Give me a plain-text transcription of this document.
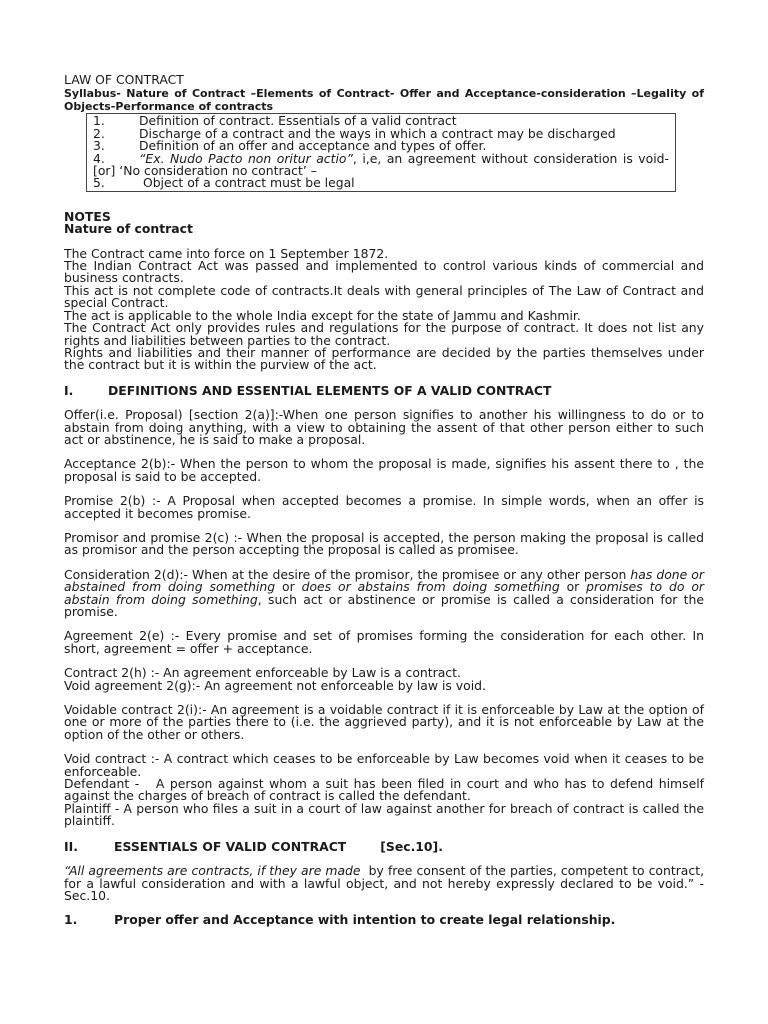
LAW OF CONTRACT
Syllabus- Nature of Contract –Elements of Contract- Offer and Acceptance-consideration –Legality of Objects-Performance of contracts
1.	Definition of contract. Essentials of a valid contract
2.	Discharge of a contract and the ways in which a contract may be discharged
3.	Definition of an offer and acceptance and types of offer.
4.	“Ex. Nudo Pacto non oritur actio”, i,e, an agreement without consideration is void-[or] ‘No consideration no contract’ –
5.	Object of a contract must be legal
NOTES
Nature of contract

The Contract came into force on 1 September 1872.

The Indian Contract Act was passed and implemented to control various kinds of commercial and business contracts.

This act is not complete code of contracts.It deals with general principles of The Law of Contract and special Contract.

The act is applicable to the whole India except for the state of Jammu and Kashmir.

The Contract Act only provides rules and regulations for the purpose of contract. It does not list any rights and liabilities between parties to the contract.

Rights and liabilities and their manner of performance are decided by the parties themselves under the contract but it is within the purview of the act.

I.	DEFINITIONS AND ESSENTIAL ELEMENTS OF A VALID CONTRACT

Offer(i.e. Proposal) [section 2(a)]:-When one person signifies to another his willingness to do or to abstain from doing anything, with a view to obtaining the assent of that other person either to such act or abstinence, he is said to make a proposal.

Acceptance 2(b):- When the person to whom the proposal is made, signifies his assent there to , the proposal is said to be accepted.

Promise 2(b) :- A Proposal when accepted becomes a promise. In simple words, when an offer is accepted it becomes promise.

Promisor and promise 2(c) :- When the proposal is accepted, the person making the proposal is called as promisor and the person accepting the proposal is called as promisee.

Consideration 2(d):- When at the desire of the promisor, the promisee or any other person has done or abstained from doing something or does or abstains from doing something or promises to do or abstain from doing something, such act or abstinence or promise is called a consideration for the promise.

Agreement 2(e) :- Every promise and set of promises forming the consideration for each other. In short, agreement = offer + acceptance.

Contract 2(h) :- An agreement enforceable by Law is a contract.

Void agreement 2(g):- An agreement not enforceable by law is void.

Voidable contract 2(i):- An agreement is a voidable contract if it is enforceable by Law at the option of one or more of the parties there to (i.e. the aggrieved party), and it is not enforceable by Law at the option of the other or others.

Void contract :- A contract which ceases to be enforceable by Law becomes void when it ceases to be enforceable.

Defendant -   A person against whom a suit has been filed in court and who has to defend himself against the charges of breach of contract is called the defendant.

Plaintiff - A person who files a suit in a court of law against another for breach of contract is called the plaintiff.

II.	ESSENTIALS OF VALID CONTRACT	[Sec.10].

“All agreements are contracts, if they are made  by free consent of the parties, competent to contract, for a lawful consideration and with a lawful object, and not hereby expressly declared to be void.” - Sec.10.

1.	Proper offer and Acceptance with intention to create legal relationship.
